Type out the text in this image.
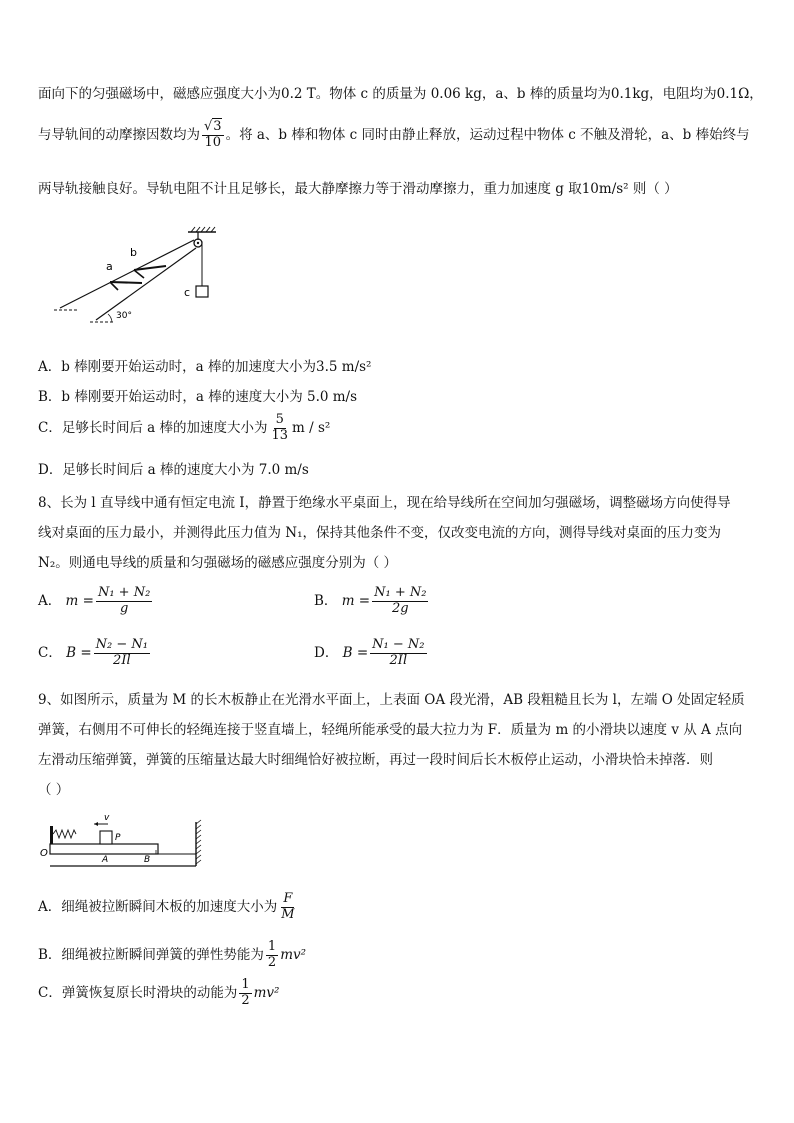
面向下的匀强磁场中，磁感应强度大小为0.2 T。物体 c 的质量为 0.06 kg，a、b 棒的质量均为0.1kg，电阻均为0.1Ω，
与导轨间的动摩擦因数均为 $\frac{√3}{10}$ 。将 a、b 棒和物体 c 同时由静止释放，运动过程中物体 c 不触及滑轮，a、b 棒始终与
两导轨接触良好。导轨电阻不计且足够长，最大静摩擦力等于滑动摩擦力，重力加速度 g 取10m/s² 则（ ）
c
a
b
30°
A．b 棒刚要开始运动时，a 棒的加速度大小为3.5 m/s²
B．b 棒刚要开始运动时，a 棒的速度大小为 5.0 m/s
C．足够长时间后 a 棒的加速度大小为 $\frac{5}{13}$ m / s²
D．足够长时间后 a 棒的速度大小为 7.0 m/s
8、长为 l 直导线中通有恒定电流 I，静置于绝缘水平桌面上，现在给导线所在空间加匀强磁场，调整磁场方向使得导
线对桌面的压力最小，并测得此压力值为 N₁，保持其他条件不变，仅改变电流的方向，测得导线对桌面的压力变为
N₂。则通电导线的质量和匀强磁场的磁感应强度分别为（ ）
A． $m = \frac{\text{N₁ + N₂}}{g}$	B． $m = \frac{\text{N₁ + N₂}}{2g}$
C． $B = \frac{\text{N₂ − N₁}}{2Il}$	D． $B = \frac{\text{N₁ − N₂}}{2Il}$
9、如图所示，质量为 M 的长木板静止在光滑水平面上，上表面 OA 段光滑，AB 段粗糙且长为 l，左端 O 处固定轻质
弹簧，右侧用不可伸长的轻绳连接于竖直墙上，轻绳所能承受的最大拉力为 F．质量为 m 的小滑块以速度 v 从 A 点向
左滑动压缩弹簧，弹簧的压缩量达最大时细绳恰好被拉断，再过一段时间后长木板停止运动，小滑块恰未掉落．则
（ ）
v
P
O
A	B
A．细绳被拉断瞬间木板的加速度大小为 $\frac{F}{M}$
B．细绳被拉断瞬间弹簧的弹性势能为 $\frac{1}{2} mv^2$
C．弹簧恢复原长时滑块的动能为 $\frac{1}{2} mv^2$
